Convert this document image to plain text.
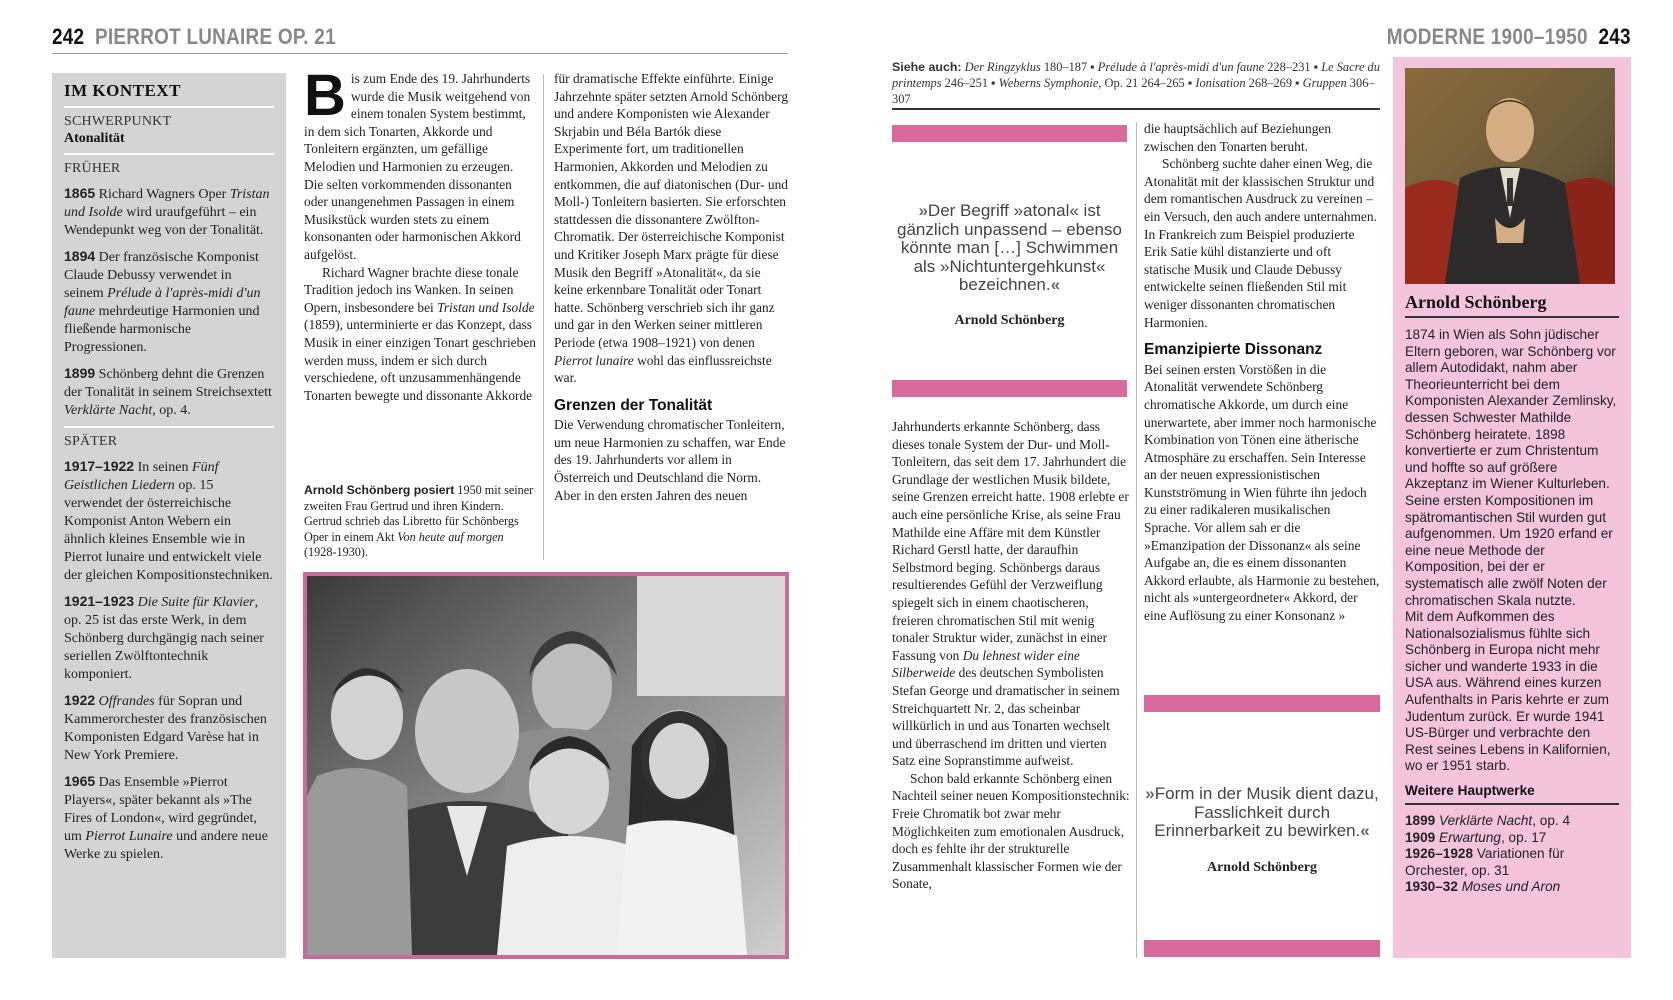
242 PIERROT LUNAIRE OP. 21	MODERNE 1900–1950 243
IM KONTEXT
SCHWERPUNKT
Atonalität
FRÜHER
1865 Richard Wagners Oper Tristan und Isolde wird uraufgeführt – ein Wendepunkt weg von der Tonalität.
1894 Der französische Komponist Claude Debussy verwendet in seinem Prélude à l'après-midi d'un faune mehrdeutige Harmonien und fließende harmonische Progressionen.
1899 Schönberg dehnt die Grenzen der Tonalität in seinem Streichsextett Verklärte Nacht, op. 4.
SPÄTER
1917–1922 In seinen Fünf Geistlichen Liedern op. 15 verwendet der österreichische Komponist Anton Webern ein ähnlich kleines Ensemble wie in Pierrot lunaire und entwickelt viele der gleichen Kompositionstechniken.
1921–1923 Die Suite für Klavier, op. 25 ist das erste Werk, in dem Schönberg durchgängig nach seiner seriellen Zwölftontechnik komponiert.
1922 Offrandes für Sopran und Kammerorchester des französischen Komponisten Edgard Varèse hat in New York Premiere.
1965 Das Ensemble »Pierrot Players«, später bekannt als »The Fires of London«, wird gegründet, um Pierrot Lunaire und andere neue Werke zu spielen.

Bis zum Ende des 19. Jahrhunderts wurde die Musik weitgehend von einem tonalen System bestimmt, in dem sich Tonarten, Akkorde und Tonleitern ergänzten, um gefällige Melodien und Harmonien zu erzeugen. Die selten vorkommenden dissonanten oder unangenehmen Passagen in einem Musikstück wurden stets zu einem konsonanten oder harmonischen Akkord aufgelöst.

Richard Wagner brachte diese tonale Tradition jedoch ins Wanken. In seinen Opern, insbesondere bei Tristan und Isolde (1859), unterminierte er das Konzept, dass Musik in einer einzigen Tonart geschrieben werden muss, indem er sich durch verschiedene, oft unzusammenhängende Tonarten bewegte und dissonante Akkorde

Arnold Schönberg posiert 1950 mit seiner zweiten Frau Gertrud und ihren Kindern. Gertrud schrieb das Libretto für Schönbergs Oper in einem Akt Von heute auf morgen (1928-1930).

für dramatische Effekte einführte. Einige Jahrzehnte später setzten Arnold Schönberg und andere Komponisten wie Alexander Skrjabin und Béla Bartók diese Experimente fort, um traditionellen Harmonien, Akkorden und Melodien zu entkommen, die auf diatonischen (Dur- und Moll-) Tonleitern basierten. Sie erforschten stattdessen die dissonantere Zwölfton-Chromatik. Der österreichische Komponist und Kritiker Joseph Marx prägte für diese Musik den Begriff »Atonalität«, da sie keine erkennbare Tonalität oder Tonart hatte. Schönberg verschrieb sich ihr ganz und gar in den Werken seiner mittleren Periode (etwa 1908–1921) von denen Pierrot lunaire wohl das einflussreichste war.

Grenzen der Tonalität

Die Verwendung chromatischer Tonleitern, um neue Harmonien zu schaffen, war Ende des 19. Jahrhunderts vor allem in Österreich und Deutschland die Norm. Aber in den ersten Jahren des neuen

Siehe auch: Der Ringzyklus 180–187 ▪ Prélude à l'après-midi d'un faune 228–231 ▪ Le Sacre du printemps 246–251 ▪ Weberns Symphonie, Op. 21 264–265 ▪ Ionisation 268–269 ▪ Gruppen 306–307
»Der Begriff »atonal« ist gänzlich unpassend – ebenso könnte man […] Schwimmen als »Nichtuntergehkunst« bezeichnen.«
Arnold Schönberg

Jahrhunderts erkannte Schönberg, dass dieses tonale System der Dur- und Moll-Tonleitern, das seit dem 17. Jahrhundert die Grundlage der westlichen Musik bildete, seine Grenzen erreicht hatte. 1908 erlebte er auch eine persönliche Krise, als seine Frau Mathilde eine Affäre mit dem Künstler Richard Gerstl hatte, der daraufhin Selbstmord beging. Schönbergs daraus resultierendes Gefühl der Verzweiflung spiegelt sich in einem chaotischeren, freieren chromatischen Stil mit wenig tonaler Struktur wider, zunächst in einer Fassung von Du lehnest wider eine Silberweide des deutschen Symbolisten Stefan George und dramatischer in seinem Streichquartett Nr. 2, das scheinbar willkürlich in und aus Tonarten wechselt und überraschend im dritten und vierten Satz eine Sopranstimme aufweist.

Schon bald erkannte Schönberg einen Nachteil seiner neuen Kompositionstechnik: Freie Chromatik bot zwar mehr Möglichkeiten zum emotionalen Ausdruck, doch es fehlte ihr der strukturelle Zusammenhalt klassischer Formen wie der Sonate,

die hauptsächlich auf Beziehungen zwischen den Tonarten beruht.

Schönberg suchte daher einen Weg, die Atonalität mit der klassischen Struktur und dem romantischen Ausdruck zu vereinen – ein Versuch, den auch andere unternahmen. In Frankreich zum Beispiel produzierte Erik Satie kühl distanzierte und oft statische Musik und Claude Debussy entwickelte seinen fließenden Stil mit weniger dissonanten chromatischen Harmonien.

Emanzipierte Dissonanz

Bei seinen ersten Vorstößen in die Atonalität verwendete Schönberg chromatische Akkorde, um durch eine unerwartete, aber immer noch harmonische Kombination von Tönen eine ätherische Atmosphäre zu erschaffen. Sein Interesse an der neuen expressionistischen Kunstströmung in Wien führte ihn jedoch zu einer radikaleren musikalischen Sprache. Vor allem sah er die »Emanzipation der Dissonanz« als seine Aufgabe an, die es einem dissonanten Akkord erlaubte, als Harmonie zu bestehen, nicht als »untergeordneter« Akkord, der eine Auflösung zu einer Konsonanz »

»Form in der Musik dient dazu, Fasslichkeit durch Erinnerbarkeit zu bewirken.«
Arnold Schönberg
Arnold Schönberg
1874 in Wien als Sohn jüdischer Eltern geboren, war Schönberg vor allem Autodidakt, nahm aber Theorieunterricht bei dem Komponisten Alexander Zemlinsky, dessen Schwester Mathilde Schönberg heiratete. 1898 konvertierte er zum Christentum und hoffte so auf größere Akzeptanz im Wiener Kulturleben. Seine ersten Kompositionen im spätromantischen Stil wurden gut aufgenommen. Um 1920 erfand er eine neue Methode der Komposition, bei der er systematisch alle zwölf Noten der chromatischen Skala nutzte.
Mit dem Aufkommen des Nationalsozialismus fühlte sich Schönberg in Europa nicht mehr sicher und wanderte 1933 in die USA aus. Während eines kurzen Aufenthalts in Paris kehrte er zum Judentum zurück. Er wurde 1941 US-Bürger und verbrachte den Rest seines Lebens in Kalifornien, wo er 1951 starb.
Weitere Hauptwerke
1899 Verklärte Nacht, op. 4
1909 Erwartung, op. 17
1926–1928 Variationen für Orchester, op. 31
1930–32 Moses und Aron
